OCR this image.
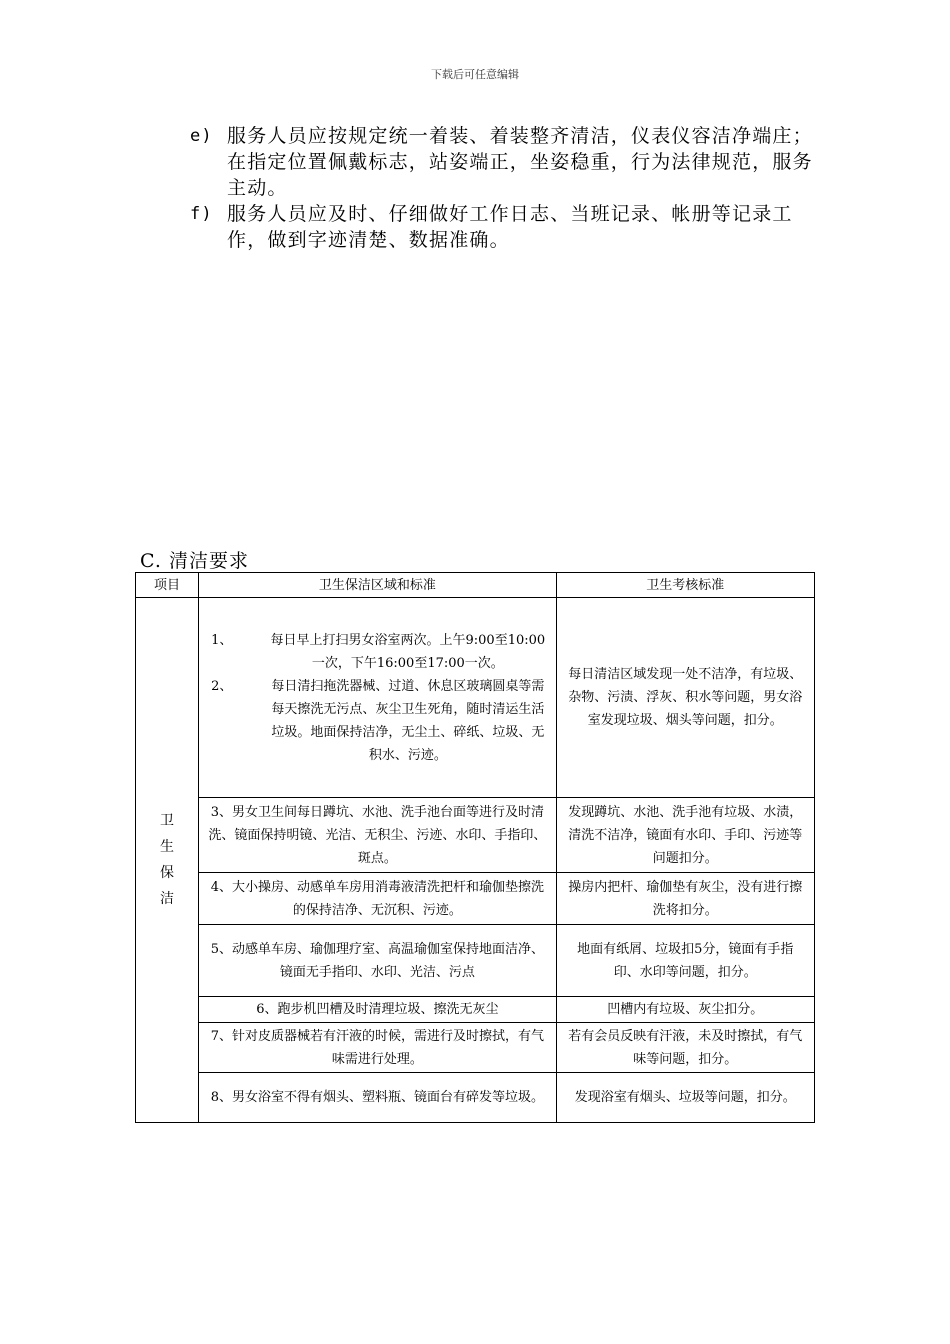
下载后可任意编辑
e) 服务人员应按规定统一着装、着装整齐清洁，仪表仪容洁净端庄；在指定位置佩戴标志，站姿端正，坐姿稳重，行为法律规范，服务主动。
f) 服务人员应及时、仔细做好工作日志、当班记录、帐册等记录工作，做到字迹清楚、数据准确。
C. 清洁要求
项目	卫生保洁区域和标准	卫生考核标准

卫生保洁	1、 每日早上打扫男女浴室两次。上午9:00至10:00一次，下午16:00至17:00一次。
2、 每日清扫拖洗器械、过道、休息区玻璃圆桌等需每天擦洗无污点、灰尘卫生死角，随时清运生活垃圾。地面保持洁净，无尘土、碎纸、垃圾、无积水、污迹。	每日清洁区域发现一处不洁净，有垃圾、杂物、污渍、浮灰、积水等问题，男女浴室发现垃圾、烟头等问题，扣分。
	3、男女卫生间每日蹲坑、水池、洗手池台面等进行及时清洗、镜面保持明镜、光洁、无积尘、污迹、水印、手指印、斑点。	发现蹲坑、水池、洗手池有垃圾、水渍，清洗不洁净，镜面有水印、手印、污迹等问题扣分。
	4、大小操房、动感单车房用消毒液清洗把杆和瑜伽垫擦洗的保持洁净、无沉积、污迹。	操房内把杆、瑜伽垫有灰尘，没有进行擦洗将扣分。
	5、动感单车房、瑜伽理疗室、高温瑜伽室保持地面洁净、镜面无手指印、水印、光洁、污点	地面有纸屑、垃圾扣5分，镜面有手指印、水印等问题，扣分。
	6、跑步机凹槽及时清理垃圾、擦洗无灰尘	凹槽内有垃圾、灰尘扣分。
	7、针对皮质器械若有汗液的时候，需进行及时擦拭，有气味需进行处理。	若有会员反映有汗液，未及时擦拭，有气味等问题，扣分。
	8、男女浴室不得有烟头、塑料瓶、镜面台有碎发等垃圾。	发现浴室有烟头、垃圾等问题，扣分。
